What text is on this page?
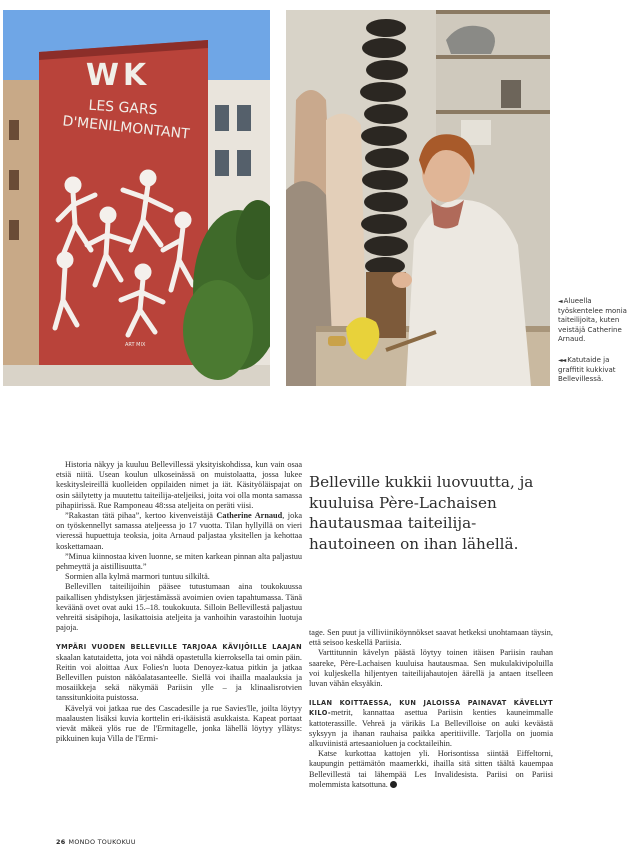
WK
LES GARS
D'MENILMONTANT
ART MIX
◄ Alueella työskentelee monia taiteilijoita, kuten veistäjä Catherine Arnaud.
◄◄ Katutaide ja graffitit kukkivat Bellevillessä.
Belleville kukkii luovuutta, ja kuuluisa Père-Lachaisen hautausmaa taiteilija-hautoineen on ihan lähellä.

Historia näkyy ja kuuluu Bellevillessä yksityiskohdissa, kun vain osaa etsiä niitä. Usean koulun ulkoseinässä on muistolaatta, jossa lukee keskitysleireillä kuolleiden oppilaiden nimet ja iät. Käsityöläispajat on osin säilytetty ja muutettu taiteilija-ateljeiksi, joita voi olla monta samassa pihapiirissä. Rue Ramponeau 48:ssa ateljeita on peräti viisi.

”Rakastan tätä pihaa”, kertoo kivenveistäjä Catherine Arnaud, joka on työskennellyt samassa ateljeessa jo 17 vuotta. Tilan hyllyillä on vieri vieressä hupuettuja teoksia, joita Arnaud paljastaa yksitellen ja kehottaa koskettamaan.

”Minua kiinnostaa kiven luonne, se miten karkean pinnan alta paljastuu pehmeyttä ja aistillisuutta.”

Sormien alla kylmä marmori tuntuu silkiltä.

Bellevillen taiteilijoihin pääsee tutustumaan aina toukokuussa paikallisen yhdistyksen järjestämässä avoimien ovien tapahtumassa. Tänä keväänä ovet ovat auki 15.–18. toukokuuta. Silloin Bellevillestä paljastuu vehreitä sisäpihoja, lasikattoisia ateljeita ja vanhoihin varastoihin luotuja pajoja.

YMPÄRI VUODEN BELLEVILLE TARJOAA KÄVIJÖILLE LAAJAN skaalan katutaidetta, jota voi nähdä opastetulla kierroksella tai omin päin. Reitin voi aloittaa Aux Folies'n luota Denoyez-katua pitkin ja jatkaa Bellevillen puiston näköalatasanteelle. Siellä voi ihailla maalauksia ja mosaiikkeja sekä näkymää Pariisin ylle – ja klinaalisrotvien tanssitunkioita puistossa.

Kävelyä voi jatkaa rue des Cascadesille ja rue Savies'lle, joilta löytyy maalausten lisäksi kuvia korttelin eri-ikäisistä asukkaista. Kapeat portaat vievät mäkeä ylös rue de l'Ermitagelle, jonka lähellä löytyy yllätys: pikkuinen kuja Villa de l'Ermi-

tage. Sen puut ja villiviiniköynnökset saavat hetkeksi unohtamaan täysin, että seisoo keskellä Pariisia.

Varttitunnin kävelyn päästä löytyy toinen itäisen Pariisin rauhan saareke, Père-Lachaisen kuuluisa hautausmaa. Sen mukulakivipoluilla voi kuljeskella hiljentyen taiteilijahautojen äärellä ja antaen itselleen luvan vähän eksyäkin.

ILLAN KOITTAESSA, KUN JALOISSA PAINAVAT KÄVELLYT KILO-metrit, kannattaa asettua Pariisin kenties kauneimmalle kattoterassille. Vehreä ja värikäs La Bellevilloise on auki keväästä syksyyn ja ihanan rauhaisa paikka aperitiiville. Tarjolla on juomia alkuviinistä artesaanioluen ja cocktaileihin.

Katse kurkottaa kattojen yli. Horisontissa siintää Eiffeltorni, kaupungin pettämätön maamerkki, ihailla sitä sitten täältä kauempaa Bellevillestä tai lähempää Les Invalidesista. Pariisi on Pariisi molemmista katsottuna.

26 MONDO TOUKOKUU
